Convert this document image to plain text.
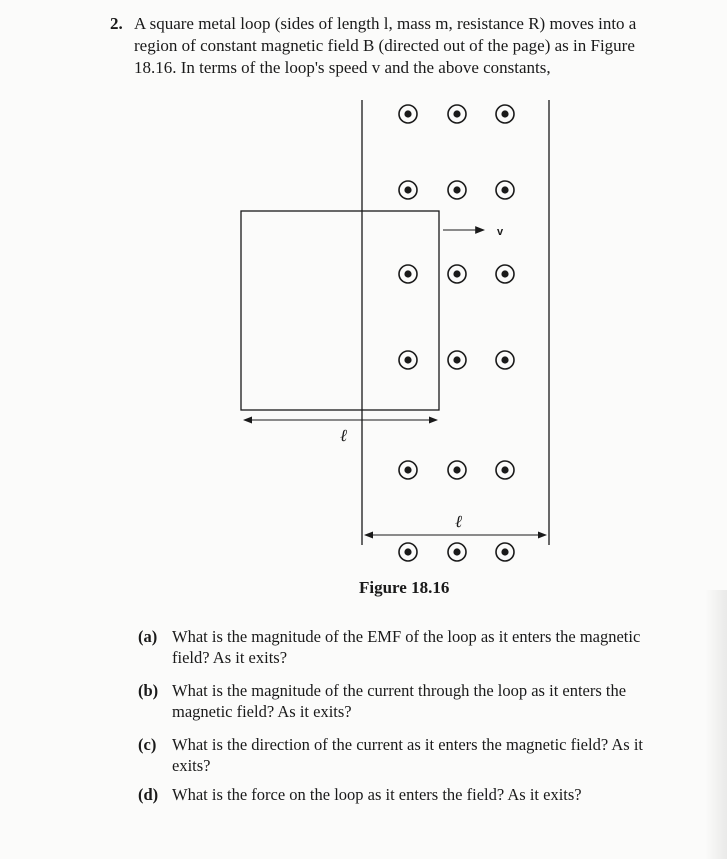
2. A square metal loop (sides of length l, mass m, resistance R) moves into a region of constant magnetic field B (directed out of the page) as in Figure 18.16. In terms of the loop's speed v and the above constants,
v
ℓ
ℓ
Figure 18.16
(a) What is the magnitude of the EMF of the loop as it enters the magnetic field? As it exits?
(b) What is the magnitude of the current through the loop as it enters the magnetic field? As it exits?
(c) What is the direction of the current as it enters the magnetic field? As it exits?
(d) What is the force on the loop as it enters the field? As it exits?
